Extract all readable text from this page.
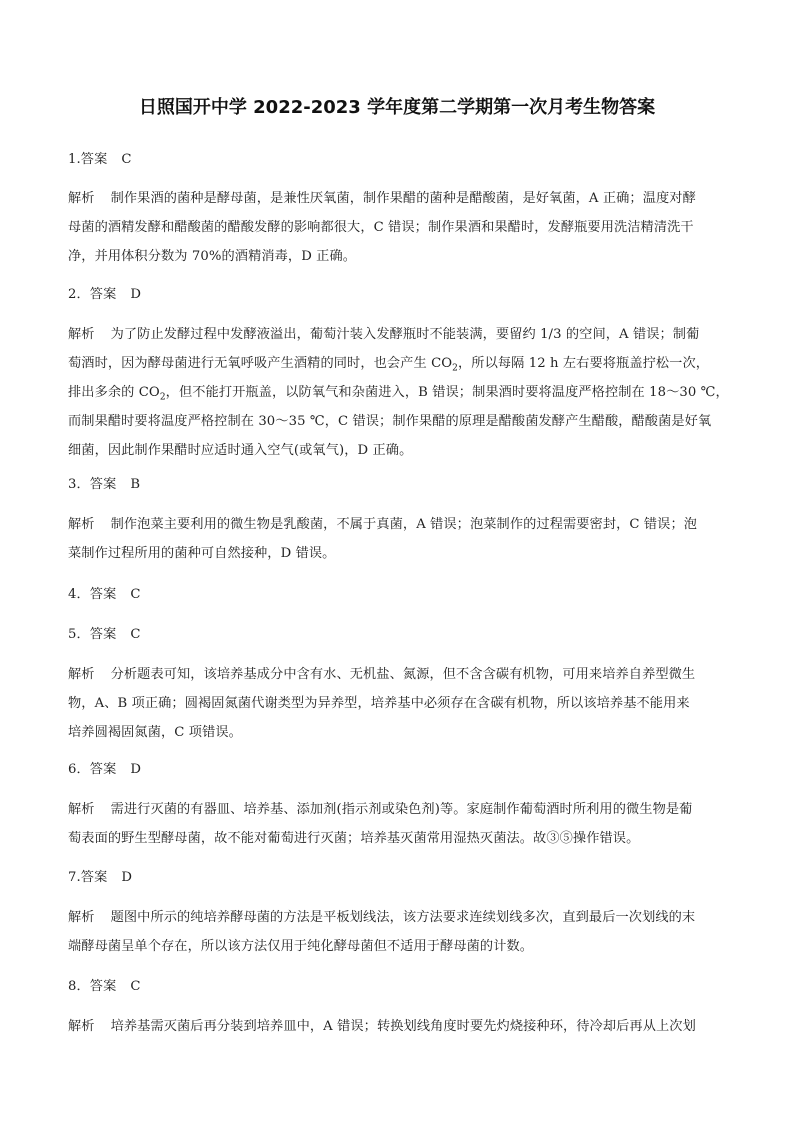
日照国开中学 2022-2023 学年度第二学期第一次月考生物答案
1.答案 C
解析 制作果酒的菌种是酵母菌，是兼性厌氧菌，制作果醋的菌种是醋酸菌，是好氧菌，A 正确；温度对酵
母菌的酒精发酵和醋酸菌的醋酸发酵的影响都很大，C 错误；制作果酒和果醋时，发酵瓶要用洗洁精清洗干
净，并用体积分数为 70%的酒精消毒，D 正确。
2．答案 D
解析 为了防止发酵过程中发酵液溢出，葡萄汁装入发酵瓶时不能装满，要留约 1/3 的空间，A 错误；制葡
萄酒时，因为酵母菌进行无氧呼吸产生酒精的同时，也会产生 $CO_2$，所以每隔 12 h 左右要将瓶盖拧松一次，
排出多余的 $CO_2$，但不能打开瓶盖，以防氧气和杂菌进入，B 错误；制果酒时要将温度严格控制在 18～30 ℃，
而制果醋时要将温度严格控制在 30～35 ℃，C 错误；制作果醋的原理是醋酸菌发酵产生醋酸，醋酸菌是好氧
细菌，因此制作果醋时应适时通入空气(或氧气)，D 正确。
3．答案 B
解析 制作泡菜主要利用的微生物是乳酸菌，不属于真菌，A 错误；泡菜制作的过程需要密封，C 错误；泡
菜制作过程所用的菌种可自然接种，D 错误。
4．答案 C
5．答案 C
解析 分析题表可知，该培养基成分中含有水、无机盐、氮源，但不含含碳有机物，可用来培养自养型微生
物，A、B 项正确；圆褐固氮菌代谢类型为异养型，培养基中必须存在含碳有机物，所以该培养基不能用来
培养圆褐固氮菌，C 项错误。
6．答案 D
解析 需进行灭菌的有器皿、培养基、添加剂(指示剂或染色剂)等。家庭制作葡萄酒时所利用的微生物是葡
萄表面的野生型酵母菌，故不能对葡萄进行灭菌；培养基灭菌常用湿热灭菌法。故③⑤操作错误。
7.答案 D
解析 题图中所示的纯培养酵母菌的方法是平板划线法，该方法要求连续划线多次，直到最后一次划线的末
端酵母菌呈单个存在，所以该方法仅用于纯化酵母菌但不适用于酵母菌的计数。
8．答案 C
解析 培养基需灭菌后再分装到培养皿中，A 错误；转换划线角度时要先灼烧接种环，待冷却后再从上次划
